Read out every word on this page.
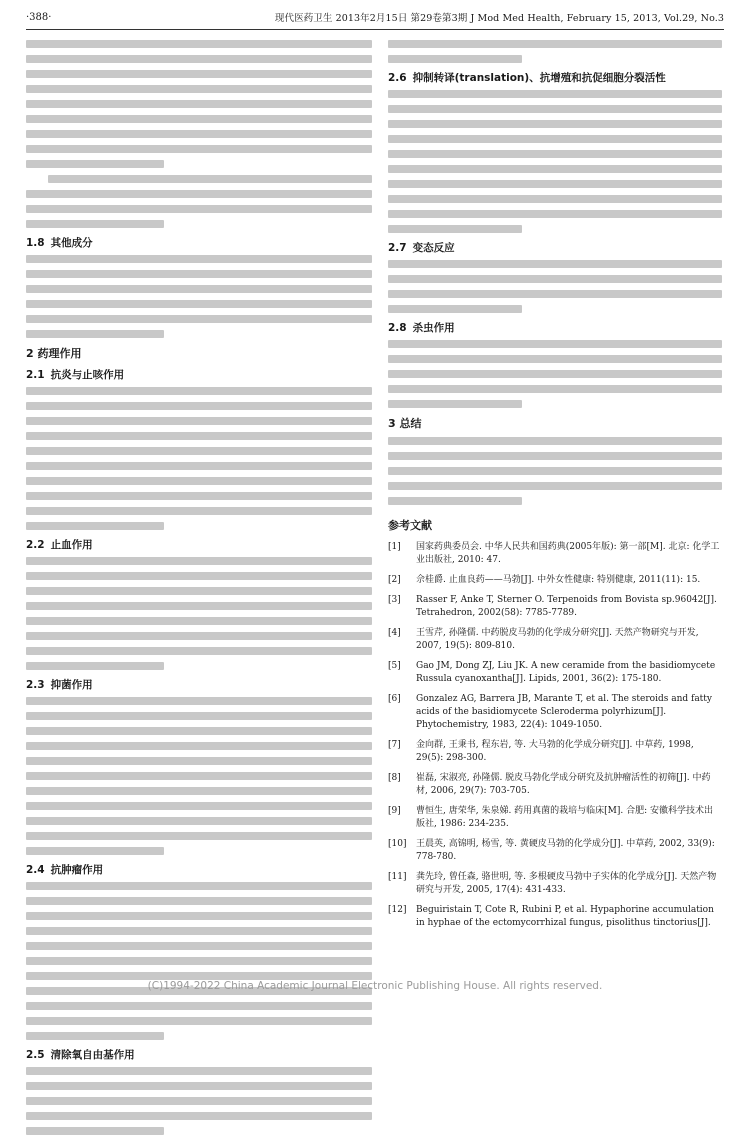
·388·	现代医药卫生 2013年2月15日 第29卷第3期 J Mod Med Health, February 15, 2013, Vol.29, No.3
1.8 其他成分
2 药理作用
2.1 抗炎与止咳作用
2.2 止血作用
2.3 抑菌作用
2.4 抗肿瘤作用
2.5 清除氧自由基作用
2.6 抑制转译(translation)、抗增殖和抗促细胞分裂活性
2.7 变态反应
2.8 杀虫作用
3 总结
参考文献
[1]	国家药典委员会. 中华人民共和国药典(2005年版): 第一部[M]. 北京: 化学工业出版社, 2010: 47.
[2]	佘桂爵. 止血良药——马勃[J]. 中外女性健康: 特别健康, 2011(11): 15.
[3]	Rasser F, Anke T, Sterner O. Terpenoids from Bovista sp.96042[J]. Tetrahedron, 2002(58): 7785-7789.
[4]	王雪芹, 孙隆儒. 中药脱皮马勃的化学成分研究[J]. 天然产物研究与开发, 2007, 19(5): 809-810.
[5]	Gao JM, Dong ZJ, Liu JK. A new ceramide from the basidiomycete Russula cyanoxantha[J]. Lipids, 2001, 36(2): 175-180.
[6]	Gonzalez AG, Barrera JB, Marante T, et al. The steroids and fatty acids of the basidiomycete Scleroderma polyrhizum[J]. Phytochemistry, 1983, 22(4): 1049-1050.
[7]	金向群, 王秉书, 程东岩, 等. 大马勃的化学成分研究[J]. 中草药, 1998, 29(5): 298-300.
[8]	崔磊, 宋淑亮, 孙隆儒. 脱皮马勃化学成分研究及抗肿瘤活性的初筛[J]. 中药材, 2006, 29(7): 703-705.
[9]	曹恒生, 唐荣华, 朱泉娣. 药用真菌的栽培与临床[M]. 合肥: 安徽科学技术出版社, 1986: 234-235.
[10]	王晨英, 高锦明, 杨雪, 等. 黄硬皮马勃的化学成分[J]. 中草药, 2002, 33(9): 778-780.
[11]	龚先玲, 曾任森, 骆世明, 等. 多根硬皮马勃中子实体的化学成分[J]. 天然产物研究与开发, 2005, 17(4): 431-433.
[12]	Beguiristain T, Cote R, Rubini P, et al. Hypaphorine accumulation in hyphae of the ectomycorrhizal fungus, pisolithus tinctorius[J].
(C)1994-2022 China Academic Journal Electronic Publishing House. All rights reserved.
